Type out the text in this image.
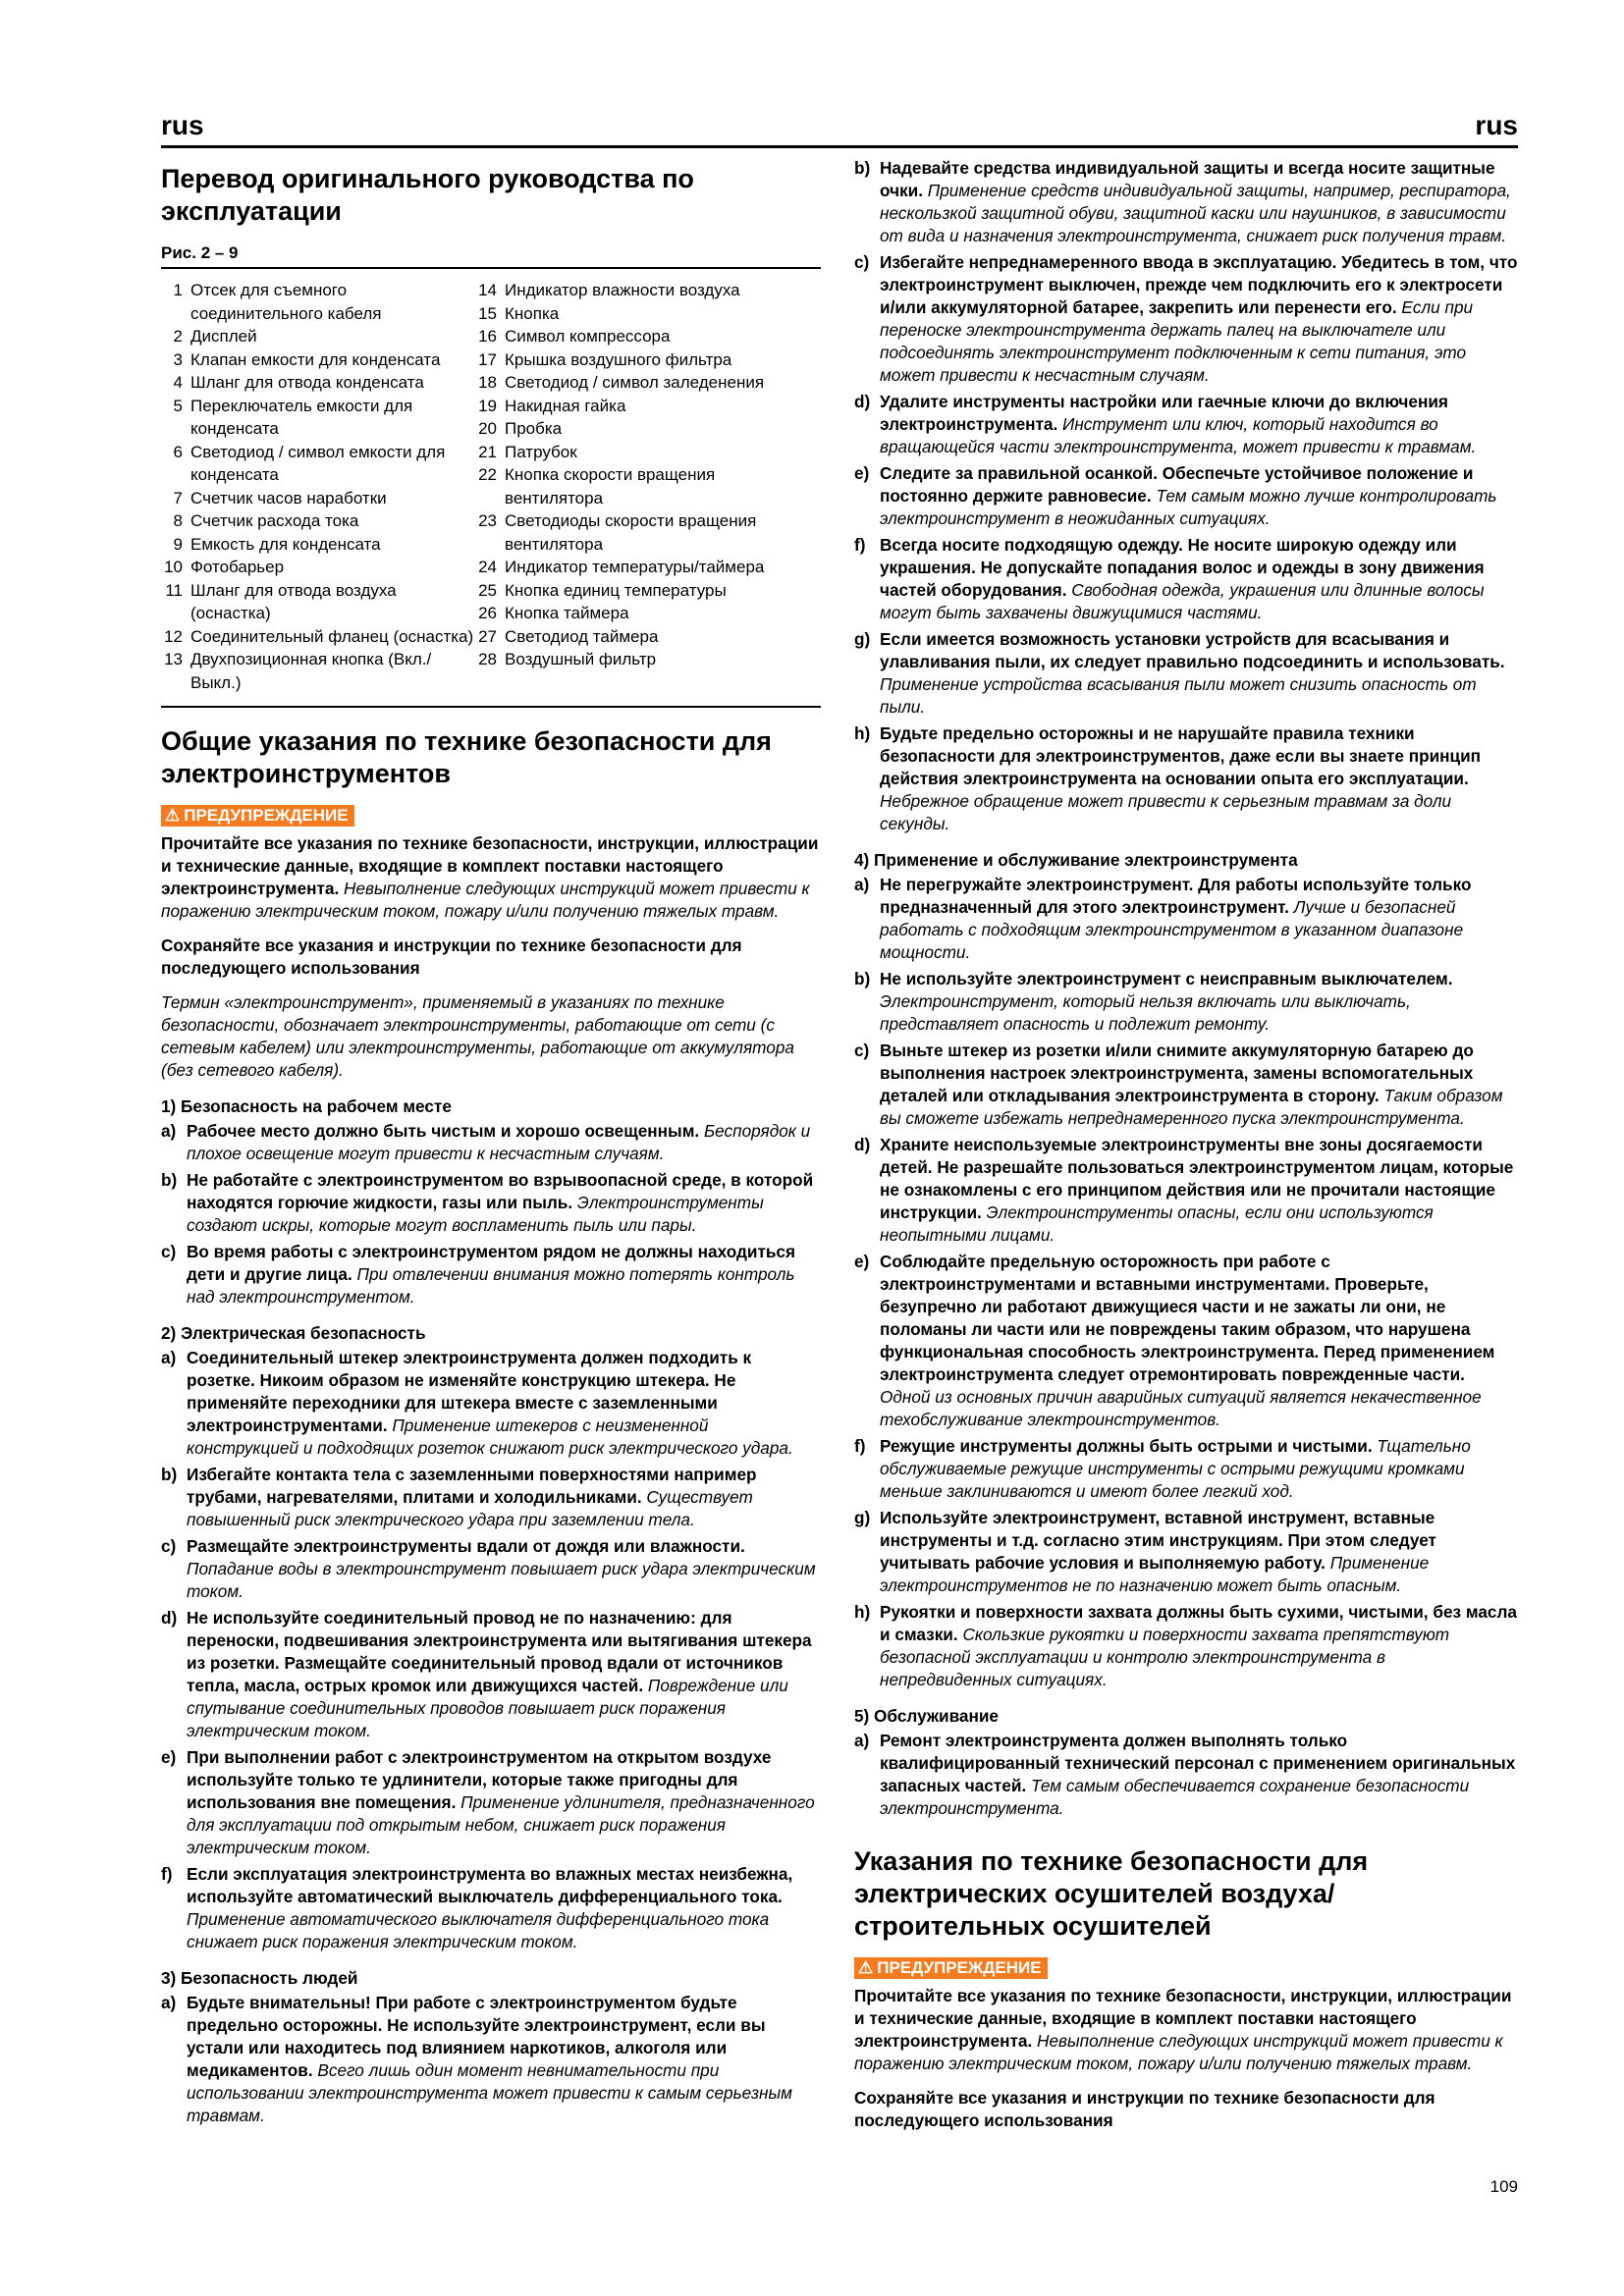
rus	rus
Перевод оригинального руководства по эксплуатации
Рис. 2 – 9
1 Отсек для съемного соединительного кабеля
2 Дисплей
3 Клапан емкости для конденсата
4 Шланг для отвода конденсата
5 Переключатель емкости для конденсата
6 Светодиод / символ емкости для конденсата
7 Счетчик часов наработки
8 Счетчик расхода тока
9 Емкость для конденсата
10 Фотобарьер
11 Шланг для отвода воздуха (оснастка)
12 Соединительный фланец (оснастка)
13 Двухпозиционная кнопка (Вкл./Выкл.)
14 Индикатор влажности воздуха
15 Кнопка
16 Символ компрессора
17 Крышка воздушного фильтра
18 Светодиод / символ заледенения
19 Накидная гайка
20 Пробка
21 Патрубок
22 Кнопка скорости вращения вентилятора
23 Светодиоды скорости вращения вентилятора
24 Индикатор температуры/таймера
25 Кнопка единиц температуры
26 Кнопка таймера
27 Светодиод таймера
28 Воздушный фильтр
Общие указания по технике безопасности для электроинструментов
⚠ ПРЕДУПРЕЖДЕНИЕ

Прочитайте все указания по технике безопасности, инструкции, иллюстрации и технические данные, входящие в комплект поставки настоящего электроинструмента. Невыполнение следующих инструкций может привести к поражению электрическим током, пожару и/или получению тяжелых травм.

Сохраняйте все указания и инструкции по технике безопасности для последующего использования

Термин «электроинструмент», применяемый в указаниях по технике безопасности, обозначает электроинструменты, работающие от сети (с сетевым кабелем) или электроинструменты, работающие от аккумулятора (без сетевого кабеля).

1) Безопасность на рабочем месте
a) Рабочее место должно быть чистым и хорошо освещенным. Беспорядок и плохое освещение могут привести к несчастным случаям.
b) Не работайте с электроинструментом во взрывоопасной среде, в которой находятся горючие жидкости, газы или пыль. Электроинструменты создают искры, которые могут воспламенить пыль или пары.
c) Во время работы с электроинструментом рядом не должны находиться дети и другие лица. При отвлечении внимания можно потерять контроль над электроинструментом.
2) Электрическая безопасность
a) Соединительный штекер электроинструмента должен подходить к розетке. Никоим образом не изменяйте конструкцию штекера. Не применяйте переходники для штекера вместе с заземленными электроинструментами. Применение штекеров с неизмененной конструкцией и подходящих розеток снижают риск электрического удара.
b) Избегайте контакта тела с заземленными поверхностями например трубами, нагревателями, плитами и холодильниками. Существует повышенный риск электрического удара при заземлении тела.
c) Размещайте электроинструменты вдали от дождя или влажности. Попадание воды в электроинструмент повышает риск удара электрическим током.
d) Не используйте соединительный провод не по назначению: для переноски, подвешивания электроинструмента или вытягивания штекера из розетки. Размещайте соединительный провод вдали от источников тепла, масла, острых кромок или движущихся частей. Повреждение или спутывание соединительных проводов повышает риск поражения электрическим током.
e) При выполнении работ с электроинструментом на открытом воздухе используйте только те удлинители, которые также пригодны для использования вне помещения. Применение удлинителя, предназначенного для эксплуатации под открытым небом, снижает риск поражения электрическим током.
f) Если эксплуатация электроинструмента во влажных местах неизбежна, используйте автоматический выключатель дифференциального тока. Применение автоматического выключателя дифференциального тока снижает риск поражения электрическим током.
3) Безопасность людей
a) Будьте внимательны! При работе с электроинструментом будьте предельно осторожны. Не используйте электроинструмент, если вы устали или находитесь под влиянием наркотиков, алкоголя или медикаментов. Всего лишь один момент невнимательности при использовании электроинструмента может привести к самым серьезным травмам.
b) Надевайте средства индивидуальной защиты и всегда носите защитные очки. Применение средств индивидуальной защиты, например, респиратора, нескользкой защитной обуви, защитной каски или наушников, в зависимости от вида и назначения электроинструмента, снижает риск получения травм.
c) Избегайте непреднамеренного ввода в эксплуатацию. Убедитесь в том, что электроинструмент выключен, прежде чем подключить его к электросети и/или аккумуляторной батарее, закрепить или перенести его. Если при переноске электроинструмента держать палец на выключателе или подсоединять электроинструмент подключенным к сети питания, это может привести к несчастным случаям.
d) Удалите инструменты настройки или гаечные ключи до включения электроинструмента. Инструмент или ключ, который находится во вращающейся части электроинструмента, может привести к травмам.
e) Следите за правильной осанкой. Обеспечьте устойчивое положение и постоянно держите равновесие. Тем самым можно лучше контролировать электроинструмент в неожиданных ситуациях.
f) Всегда носите подходящую одежду. Не носите широкую одежду или украшения. Не допускайте попадания волос и одежды в зону движения частей оборудования. Свободная одежда, украшения или длинные волосы могут быть захвачены движущимися частями.
g) Если имеется возможность установки устройств для всасывания и улавливания пыли, их следует правильно подсоединить и использовать. Применение устройства всасывания пыли может снизить опасность от пыли.
h) Будьте предельно осторожны и не нарушайте правила техники безопасности для электроинструментов, даже если вы знаете принцип действия электроинструмента на основании опыта его эксплуатации. Небрежное обращение может привести к серьезным травмам за доли секунды.
4) Применение и обслуживание электроинструмента
a) Не перегружайте электроинструмент. Для работы используйте только предназначенный для этого электроинструмент. Лучше и безопасней работать с подходящим электроинструментом в указанном диапазоне мощности.
b) Не используйте электроинструмент с неисправным выключателем. Электроинструмент, который нельзя включать или выключать, представляет опасность и подлежит ремонту.
c) Выньте штекер из розетки и/или снимите аккумуляторную батарею до выполнения настроек электроинструмента, замены вспомогательных деталей или откладывания электроинструмента в сторону. Таким образом вы сможете избежать непреднамеренного пуска электроинструмента.
d) Храните неиспользуемые электроинструменты вне зоны досягаемости детей. Не разрешайте пользоваться электроинструментом лицам, которые не ознакомлены с его принципом действия или не прочитали настоящие инструкции. Электроинструменты опасны, если они используются неопытными лицами.
e) Соблюдайте предельную осторожность при работе с электроинструментами и вставными инструментами. Проверьте, безупречно ли работают движущиеся части и не зажаты ли они, не поломаны ли части или не повреждены таким образом, что нарушена функциональная способность электроинструмента. Перед применением электроинструмента следует отремонтировать поврежденные части. Одной из основных причин аварийных ситуаций является некачественное техобслуживание электроинструментов.
f) Режущие инструменты должны быть острыми и чистыми. Тщательно обслуживаемые режущие инструменты с острыми режущими кромками меньше заклиниваются и имеют более легкий ход.
g) Используйте электроинструмент, вставной инструмент, вставные инструменты и т.д. согласно этим инструкциям. При этом следует учитывать рабочие условия и выполняемую работу. Применение электроинструментов не по назначению может быть опасным.
h) Рукоятки и поверхности захвата должны быть сухими, чистыми, без масла и смазки. Скользкие рукоятки и поверхности захвата препятствуют безопасной эксплуатации и контролю электроинструмента в непредвиденных ситуациях.
5) Обслуживание
a) Ремонт электроинструмента должен выполнять только квалифицированный технический персонал с применением оригинальных запасных частей. Тем самым обеспечивается сохранение безопасности электроинструмента.
Указания по технике безопасности для электрических осушителей воздуха/строительных осушителей
⚠ ПРЕДУПРЕЖДЕНИЕ

Прочитайте все указания по технике безопасности, инструкции, иллюстрации и технические данные, входящие в комплект поставки настоящего электроинструмента. Невыполнение следующих инструкций может привести к поражению электрическим током, пожару и/или получению тяжелых травм.

Сохраняйте все указания и инструкции по технике безопасности для последующего использования

109
